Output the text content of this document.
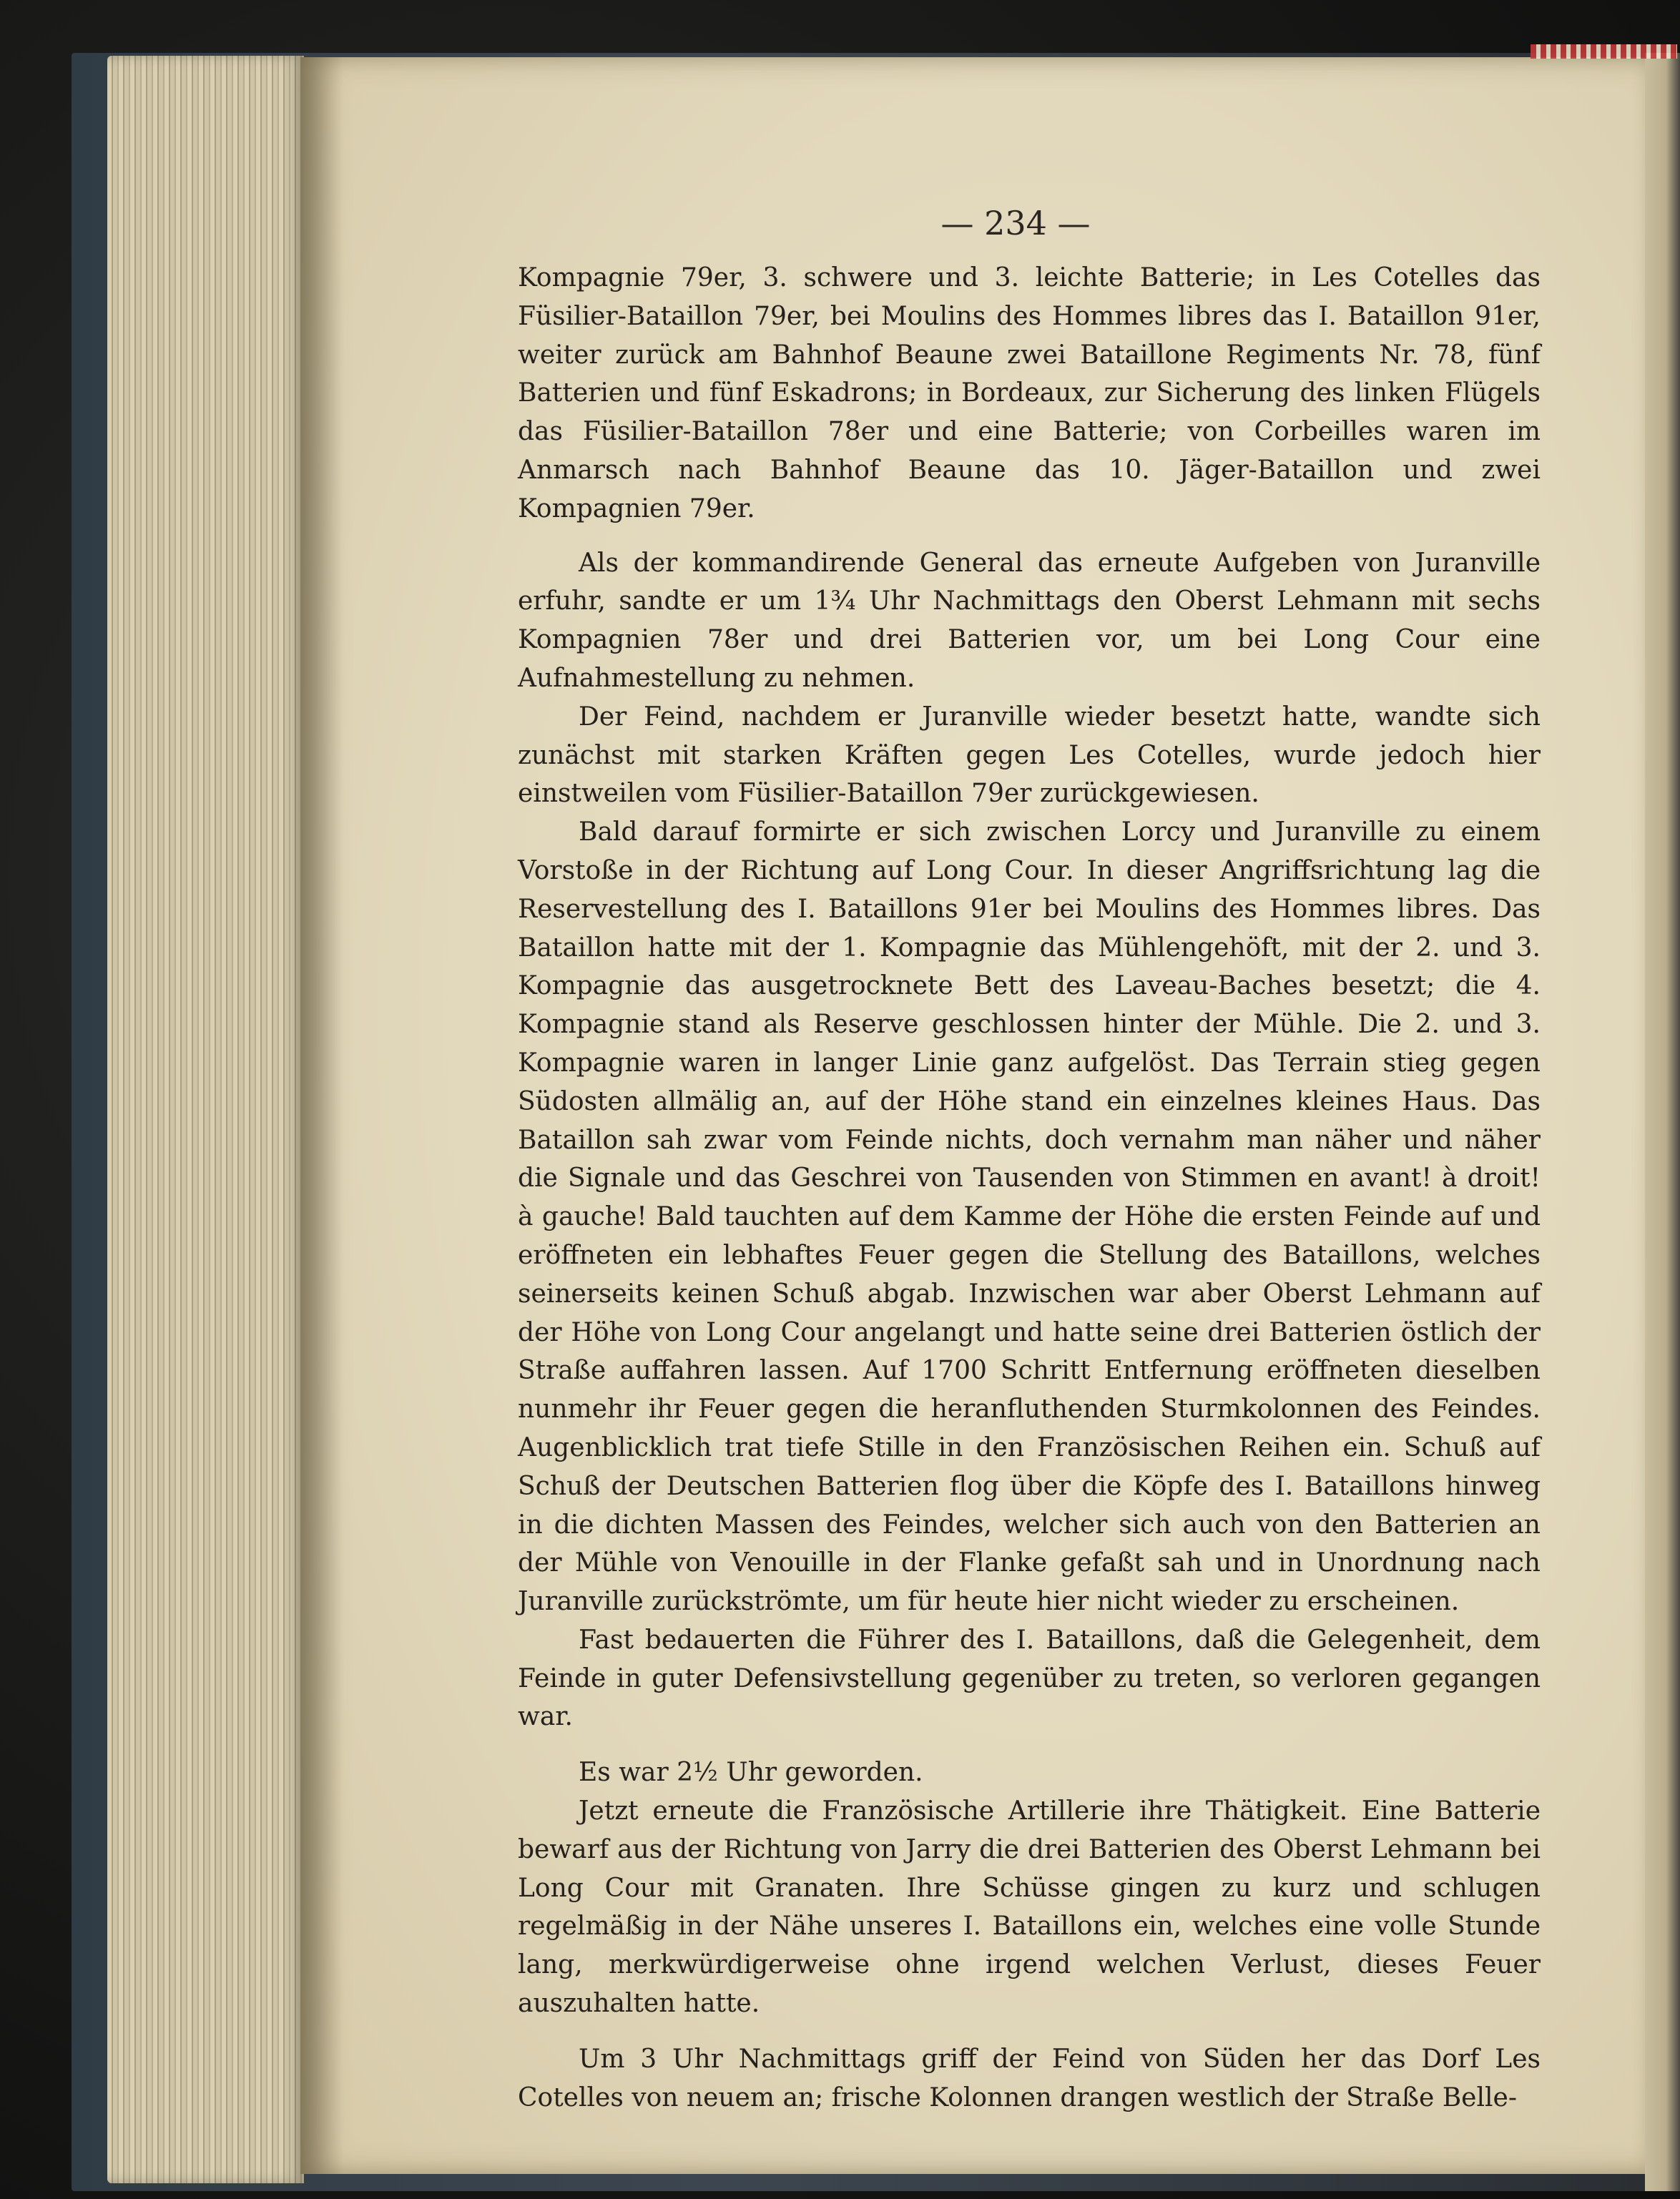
— 234 —

Kompagnie 79er, 3. schwere und 3. leichte Batterie; in Les Cotelles das Füsilier-Bataillon 79er, bei Moulins des Hommes libres das I. Bataillon 91er, weiter zurück am Bahnhof Beaune zwei Bataillone Regiments Nr. 78, fünf Batterien und fünf Eskadrons; in Bordeaux, zur Sicherung des linken Flügels das Füsilier-Bataillon 78er und eine Batterie; von Corbeilles waren im Anmarsch nach Bahnhof Beaune das 10. Jäger-Bataillon und zwei Kompagnien 79er.

Als der kommandirende General das erneute Aufgeben von Juranville erfuhr, sandte er um 1¾ Uhr Nachmittags den Oberst Lehmann mit sechs Kompagnien 78er und drei Batterien vor, um bei Long Cour eine Aufnahmestellung zu nehmen.

Der Feind, nachdem er Juranville wieder besetzt hatte, wandte sich zunächst mit starken Kräften gegen Les Cotelles, wurde jedoch hier einstweilen vom Füsilier-Bataillon 79er zurückgewiesen.

Bald darauf formirte er sich zwischen Lorcy und Juranville zu einem Vorstoße in der Richtung auf Long Cour. In dieser Angriffsrichtung lag die Reservestellung des I. Bataillons 91er bei Moulins des Hommes libres. Das Bataillon hatte mit der 1. Kompagnie das Mühlengehöft, mit der 2. und 3. Kompagnie das ausgetrocknete Bett des Laveau-Baches besetzt; die 4. Kompagnie stand als Reserve geschlossen hinter der Mühle. Die 2. und 3. Kompagnie waren in langer Linie ganz aufgelöst. Das Terrain stieg gegen Südosten allmälig an, auf der Höhe stand ein einzelnes kleines Haus. Das Bataillon sah zwar vom Feinde nichts, doch vernahm man näher und näher die Signale und das Geschrei von Tausenden von Stimmen en avant! à droit! à gauche! Bald tauchten auf dem Kamme der Höhe die ersten Feinde auf und eröffneten ein lebhaftes Feuer gegen die Stellung des Bataillons, welches seinerseits keinen Schuß abgab. Inzwischen war aber Oberst Lehmann auf der Höhe von Long Cour angelangt und hatte seine drei Batterien östlich der Straße auffahren lassen. Auf 1700 Schritt Entfernung eröffneten dieselben nunmehr ihr Feuer gegen die heranfluthenden Sturmkolonnen des Feindes. Augenblicklich trat tiefe Stille in den Französischen Reihen ein. Schuß auf Schuß der Deutschen Batterien flog über die Köpfe des I. Bataillons hinweg in die dichten Massen des Feindes, welcher sich auch von den Batterien an der Mühle von Venouille in der Flanke gefaßt sah und in Unordnung nach Juranville zurückströmte, um für heute hier nicht wieder zu erscheinen.

Fast bedauerten die Führer des I. Bataillons, daß die Gelegenheit, dem Feinde in guter Defensivstellung gegenüber zu treten, so verloren gegangen war.

Es war 2½ Uhr geworden.

Jetzt erneute die Französische Artillerie ihre Thätigkeit. Eine Batterie bewarf aus der Richtung von Jarry die drei Batterien des Oberst Lehmann bei Long Cour mit Granaten. Ihre Schüsse gingen zu kurz und schlugen regelmäßig in der Nähe unseres I. Bataillons ein, welches eine volle Stunde lang, merkwürdigerweise ohne irgend welchen Verlust, dieses Feuer auszuhalten hatte.

Um 3 Uhr Nachmittags griff der Feind von Süden her das Dorf Les Cotelles von neuem an; frische Kolonnen drangen westlich der Straße Belle-
